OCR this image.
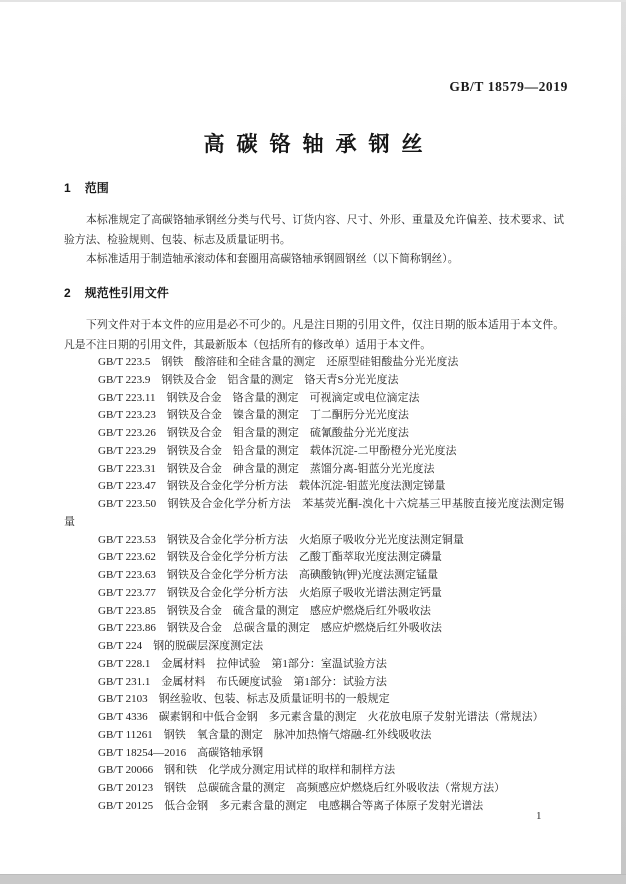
GB/T 18579—2019
高碳铬轴承钢丝
1 范围

本标准规定了高碳铬轴承钢丝分类与代号、订货内容、尺寸、外形、重量及允许偏差、技术要求、试验方法、检验规则、包装、标志及质量证明书。

本标准适用于制造轴承滚动体和套圈用高碳铬轴承钢圆钢丝（以下简称钢丝）。

2 规范性引用文件

下列文件对于本文件的应用是必不可少的。凡是注日期的引用文件，仅注日期的版本适用于本文件。凡是不注日期的引用文件，其最新版本（包括所有的修改单）适用于本文件。

GB/T 223.5　钢铁　酸溶硅和全硅含量的测定　还原型硅钼酸盐分光光度法
GB/T 223.9　钢铁及合金　铝含量的测定　铬天青S分光光度法
GB/T 223.11　钢铁及合金　铬含量的测定　可视滴定或电位滴定法
GB/T 223.23　钢铁及合金　镍含量的测定　丁二酮肟分光光度法
GB/T 223.26　钢铁及合金　钼含量的测定　硫氰酸盐分光光度法
GB/T 223.29　钢铁及合金　铅含量的测定　载体沉淀-二甲酚橙分光光度法
GB/T 223.31　钢铁及合金　砷含量的测定　蒸馏分离-钼蓝分光光度法
GB/T 223.47　钢铁及合金化学分析方法　载体沉淀-钼蓝光度法测定锑量
GB/T 223.50　钢铁及合金化学分析方法　苯基荧光酮-溴化十六烷基三甲基胺直接光度法测定锡量
GB/T 223.53　钢铁及合金化学分析方法　火焰原子吸收分光光度法测定铜量
GB/T 223.62　钢铁及合金化学分析方法　乙酸丁酯萃取光度法测定磷量
GB/T 223.63　钢铁及合金化学分析方法　高碘酸钠(钾)光度法测定锰量
GB/T 223.77　钢铁及合金化学分析方法　火焰原子吸收光谱法测定钙量
GB/T 223.85　钢铁及合金　硫含量的测定　感应炉燃烧后红外吸收法
GB/T 223.86　钢铁及合金　总碳含量的测定　感应炉燃烧后红外吸收法
GB/T 224　钢的脱碳层深度测定法
GB/T 228.1　金属材料　拉伸试验　第1部分：室温试验方法
GB/T 231.1　金属材料　布氏硬度试验　第1部分：试验方法
GB/T 2103　钢丝验收、包装、标志及质量证明书的一般规定
GB/T 4336　碳素钢和中低合金钢　多元素含量的测定　火花放电原子发射光谱法（常规法）
GB/T 11261　钢铁　氧含量的测定　脉冲加热惰气熔融-红外线吸收法
GB/T 18254—2016　高碳铬轴承钢
GB/T 20066　钢和铁　化学成分测定用试样的取样和制样方法
GB/T 20123　钢铁　总碳硫含量的测定　高频感应炉燃烧后红外吸收法（常规方法）
GB/T 20125　低合金钢　多元素含量的测定　电感耦合等离子体原子发射光谱法
1
